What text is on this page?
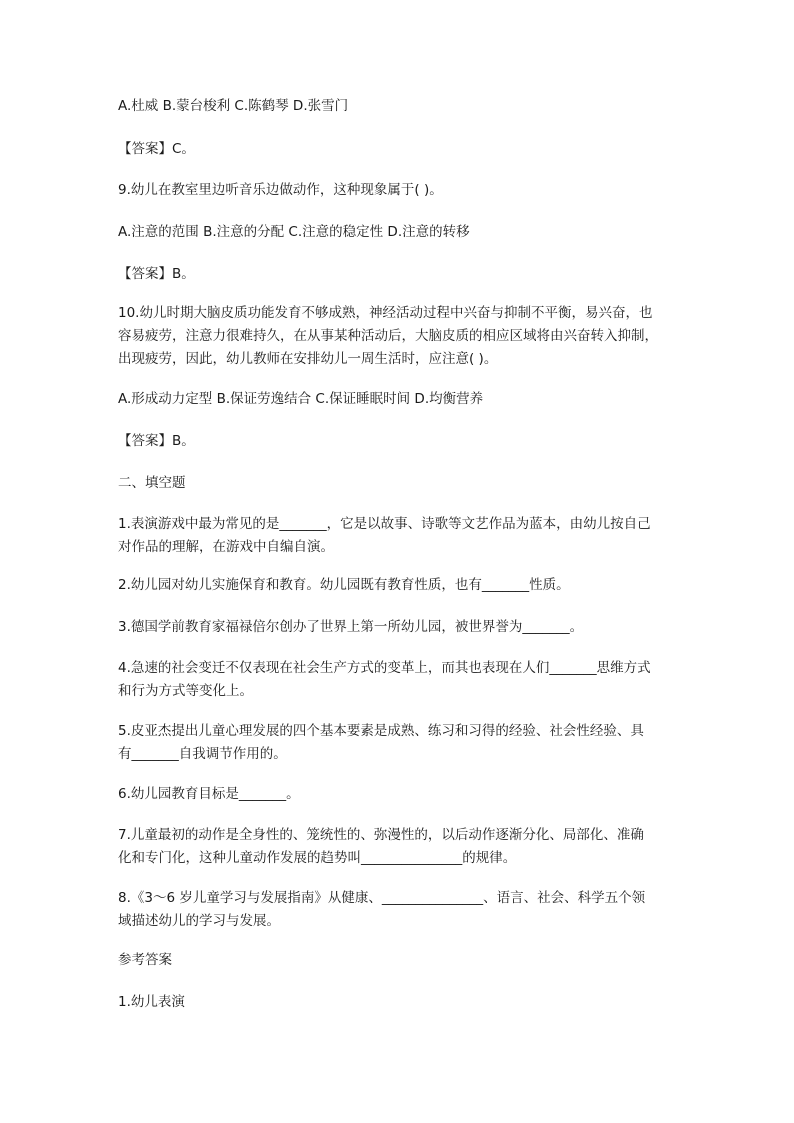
A.杜威 B.蒙台梭利 C.陈鹤琴 D.张雪门
【答案】C。
9.幼儿在教室里边听音乐边做动作，这种现象属于( )。
A.注意的范围 B.注意的分配 C.注意的稳定性 D.注意的转移
【答案】B。
10.幼儿时期大脑皮质功能发育不够成熟，神经活动过程中兴奋与抑制不平衡，易兴奋，也
容易疲劳，注意力很难持久，在从事某种活动后，大脑皮质的相应区域将由兴奋转入抑制，
出现疲劳，因此，幼儿教师在安排幼儿一周生活时，应注意( )。
A.形成动力定型 B.保证劳逸结合 C.保证睡眠时间 D.均衡营养
【答案】B。
二、填空题
1.表演游戏中最为常见的是_______，它是以故事、诗歌等文艺作品为蓝本，由幼儿按自己
对作品的理解，在游戏中自编自演。
2.幼儿园对幼儿实施保育和教育。幼儿园既有教育性质，也有_______性质。
3.德国学前教育家福禄倍尔创办了世界上第一所幼儿园，被世界誉为_______。
4.急速的社会变迁不仅表现在社会生产方式的变革上，而其也表现在人们_______思维方式
和行为方式等变化上。
5.皮亚杰提出儿童心理发展的四个基本要素是成熟、练习和习得的经验、社会性经验、具
有_______自我调节作用的。
6.幼儿园教育目标是_______。
7.儿童最初的动作是全身性的、笼统性的、弥漫性的，以后动作逐渐分化、局部化、准确
化和专门化，这种儿童动作发展的趋势叫_______________的规律。
8.《3～6 岁儿童学习与发展指南》从健康、_______________、语言、社会、科学五个领
域描述幼儿的学习与发展。
参考答案
1.幼儿表演
